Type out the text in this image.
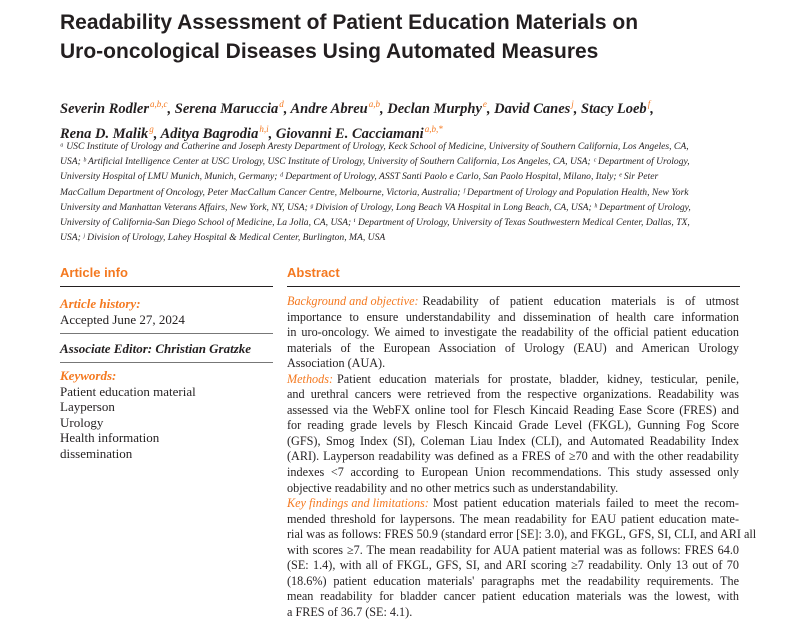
Readability Assessment of Patient Education Materials on
Uro-oncological Diseases Using Automated Measures
Severin Rodler$^{a,b,c}$, Serena Maruccia$^d$, Andre Abreu$^{a,b}$, Declan Murphy$^e$, David Canes$^j$, Stacy Loeb$^f$,
Rena D. Malik$^g$, Aditya Bagrodia$^{h,i}$, Giovanni E. Cacciamani$^{a,b,*}$
ᵃ USC Institute of Urology and Catherine and Joseph Aresty Department of Urology, Keck School of Medicine, University of Southern California, Los Angeles, CA,
USA; ᵇ Artificial Intelligence Center at USC Urology, USC Institute of Urology, University of Southern California, Los Angeles, CA, USA; ᶜ Department of Urology,
University Hospital of LMU Munich, Munich, Germany; ᵈ Department of Urology, ASST Santi Paolo e Carlo, San Paolo Hospital, Milano, Italy; ᵉ Sir Peter
MacCallum Department of Oncology, Peter MacCallum Cancer Centre, Melbourne, Victoria, Australia; ᶠ Department of Urology and Population Health, New York
University and Manhattan Veterans Affairs, New York, NY, USA; ᵍ Division of Urology, Long Beach VA Hospital in Long Beach, CA, USA; ʰ Department of Urology,
University of California-San Diego School of Medicine, La Jolla, CA, USA; ⁱ Department of Urology, University of Texas Southwestern Medical Center, Dallas, TX,
USA; ʲ Division of Urology, Lahey Hospital & Medical Center, Burlington, MA, USA
Article info
Article history:
Accepted June 27, 2024
Associate Editor: Christian Gratzke
Keywords:
Patient education material
Layperson
Urology
Health information
dissemination
Abstract
Background and objective: Readability of patient education materials is of utmost
importance to ensure understandability and dissemination of health care information
in uro-oncology. We aimed to investigate the readability of the official patient education
materials of the European Association of Urology (EAU) and American Urology
Association (AUA).
Methods: Patient education materials for prostate, bladder, kidney, testicular, penile,
and urethral cancers were retrieved from the respective organizations. Readability was
assessed via the WebFX online tool for Flesch Kincaid Reading Ease Score (FRES) and
for reading grade levels by Flesch Kincaid Grade Level (FKGL), Gunning Fog Score
(GFS), Smog Index (SI), Coleman Liau Index (CLI), and Automated Readability Index
(ARI). Layperson readability was defined as a FRES of ≥70 and with the other readability
indexes <7 according to European Union recommendations. This study assessed only
objective readability and no other metrics such as understandability.
Key findings and limitations: Most patient education materials failed to meet the recom-
mended threshold for laypersons. The mean readability for EAU patient education mate-
rial was as follows: FRES 50.9 (standard error [SE]: 3.0), and FKGL, GFS, SI, CLI, and ARI all
with scores ≥7. The mean readability for AUA patient material was as follows: FRES 64.0
(SE: 1.4), with all of FKGL, GFS, SI, and ARI scoring ≥7 readability. Only 13 out of 70
(18.6%) patient education materials' paragraphs met the readability requirements. The
mean readability for bladder cancer patient education materials was the lowest, with
a FRES of 36.7 (SE: 4.1).
